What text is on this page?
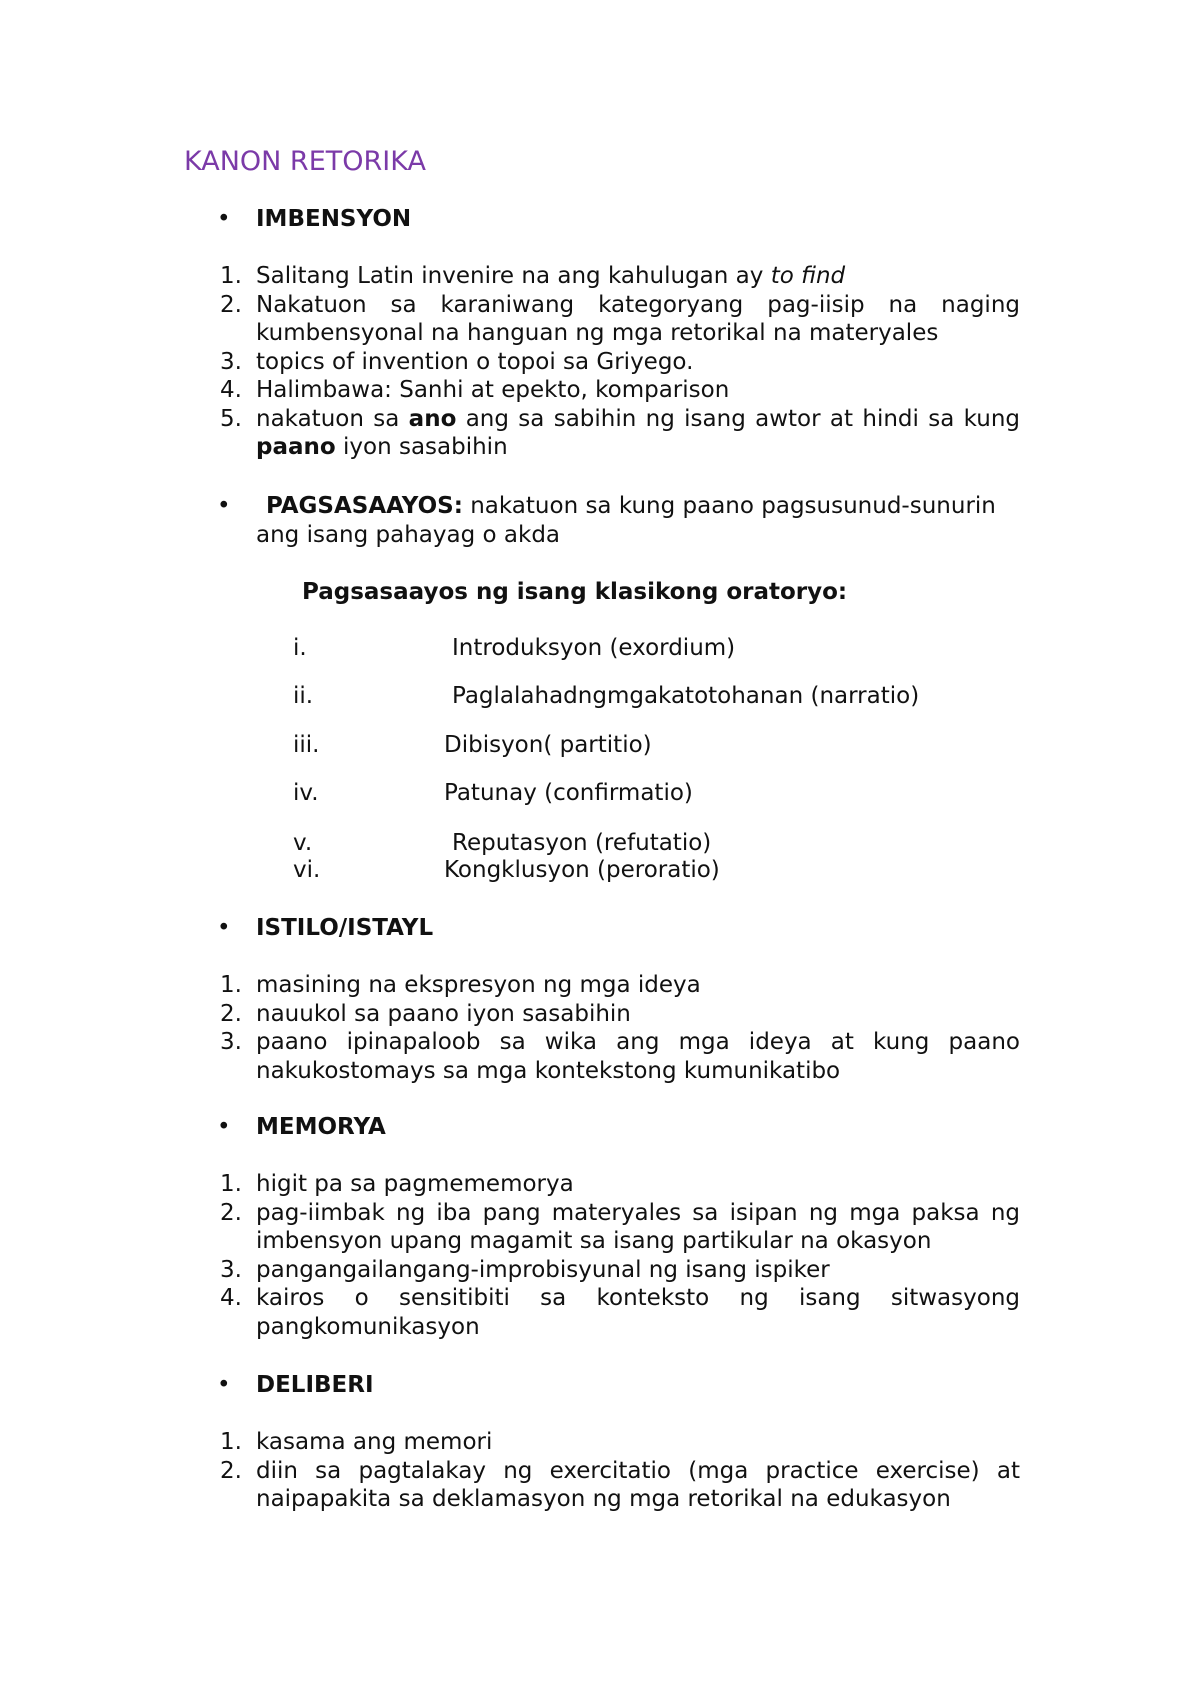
KANON RETORIKA
• IMBENSYON
1. Salitang Latin invenire na ang kahulugan ay to find
2. Nakatuon sa karaniwang kategoryang pag-iisip na naging kumbensyonal na hanguan ng mga retorikal na materyales
3. topics of invention o topoi sa Griyego.
4. Halimbawa: Sanhi at epekto, komparison
5. nakatuon sa ano ang sa sabihin ng isang awtor at hindi sa kung paano iyon sasabihin
•	PAGSASAAYOS: nakatuon sa kung paano pagsusunud-sunurin ang isang pahayag o akda
Pagsasaayos ng isang klasikong oratoryo:
i.	Introduksyon (exordium)
ii.	Paglalahadngmgakatotohanan (narratio)
iii.	Dibisyon( partitio)
iv.	Patunay (confirmatio)
v.	Reputasyon (refutatio)
vi.	Kongklusyon (peroratio)
• ISTILO/ISTAYL
1. masining na ekspresyon ng mga ideya
2. nauukol sa paano iyon sasabihin
3. paano ipinapaloob sa wika ang mga ideya at kung paano nakukostomays sa mga kontekstong kumunikatibo
• MEMORYA
1. higit pa sa pagmememorya
2. pag-iimbak ng iba pang materyales sa isipan ng mga paksa ng imbensyon upang magamit sa isang partikular na okasyon
3. pangangailangang-improbisyunal ng isang ispiker
4. kairos o sensitibiti sa konteksto ng isang sitwasyong pangkomunikasyon
• DELIBERI
1. kasama ang memori
2. diin sa pagtalakay ng exercitatio (mga practice exercise) at naipapakita sa deklamasyon ng mga retorikal na edukasyon
